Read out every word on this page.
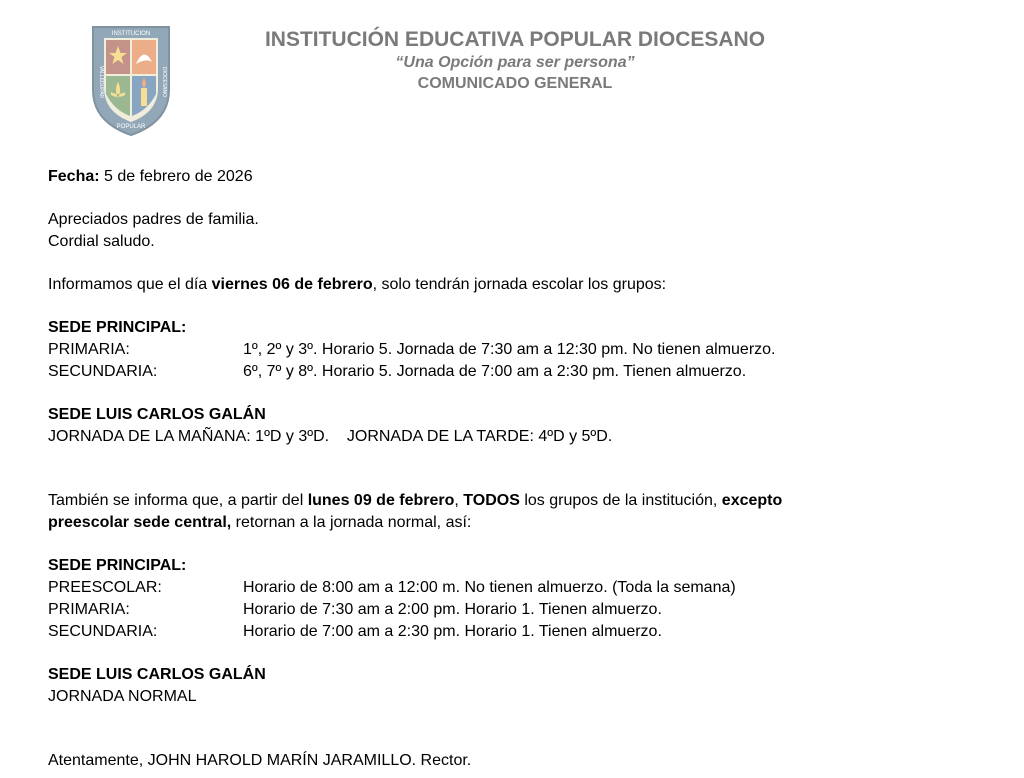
INSTITUCION
VALLEDUPAR	DIOCESANO
POPULAR
INSTITUCIÓN EDUCATIVA POPULAR DIOCESANO
“Una Opción para ser persona”
COMUNICADO GENERAL

Fecha: 5 de febrero de 2026

Apreciados padres de familia.

Cordial saludo.

Informamos que el día viernes 06 de febrero, solo tendrán jornada escolar los grupos:

SEDE PRINCIPAL:

PRIMARIA:	1º, 2º y 3º. Horario 5. Jornada de 7:30 am a 12:30 pm. No tienen almuerzo.
SECUNDARIA:	6º, 7º y 8º. Horario 5. Jornada de 7:00 am a 2:30 pm. Tienen almuerzo.

SEDE LUIS CARLOS GALÁN

JORNADA DE LA MAÑANA: 1ºD y 3ºD.    JORNADA DE LA TARDE: 4ºD y 5ºD.

También se informa que, a partir del lunes 09 de febrero, TODOS los grupos de la institución, excepto

preescolar sede central, retornan a la jornada normal, así:

SEDE PRINCIPAL:

PREESCOLAR:	Horario de 8:00 am a 12:00 m. No tienen almuerzo. (Toda la semana)
PRIMARIA:	Horario de 7:30 am a 2:00 pm. Horario 1. Tienen almuerzo.
SECUNDARIA:	Horario de 7:00 am a 2:30 pm. Horario 1. Tienen almuerzo.

SEDE LUIS CARLOS GALÁN

JORNADA NORMAL

Atentamente, JOHN HAROLD MARÍN JARAMILLO. Rector.
